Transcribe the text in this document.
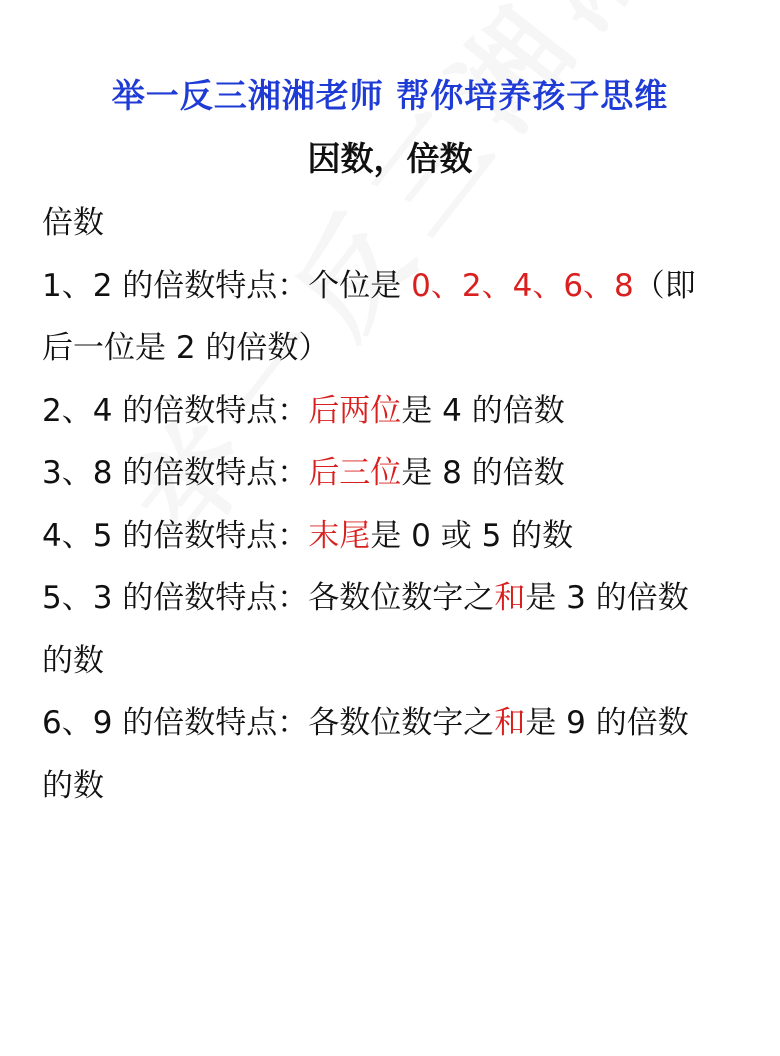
举一反三湘湘老师 帮你培养孩子思维
因数，倍数
倍数
1、2 的倍数特点：个位是 0、2、4、6、8（即
后一位是 2 的倍数）
2、4 的倍数特点：后两位是 4 的倍数
3、8 的倍数特点：后三位是 8 的倍数
4、5 的倍数特点：末尾是 0 或 5 的数
5、3 的倍数特点：各数位数字之和是 3 的倍数
的数
6、9 的倍数特点：各数位数字之和是 9 的倍数
的数
